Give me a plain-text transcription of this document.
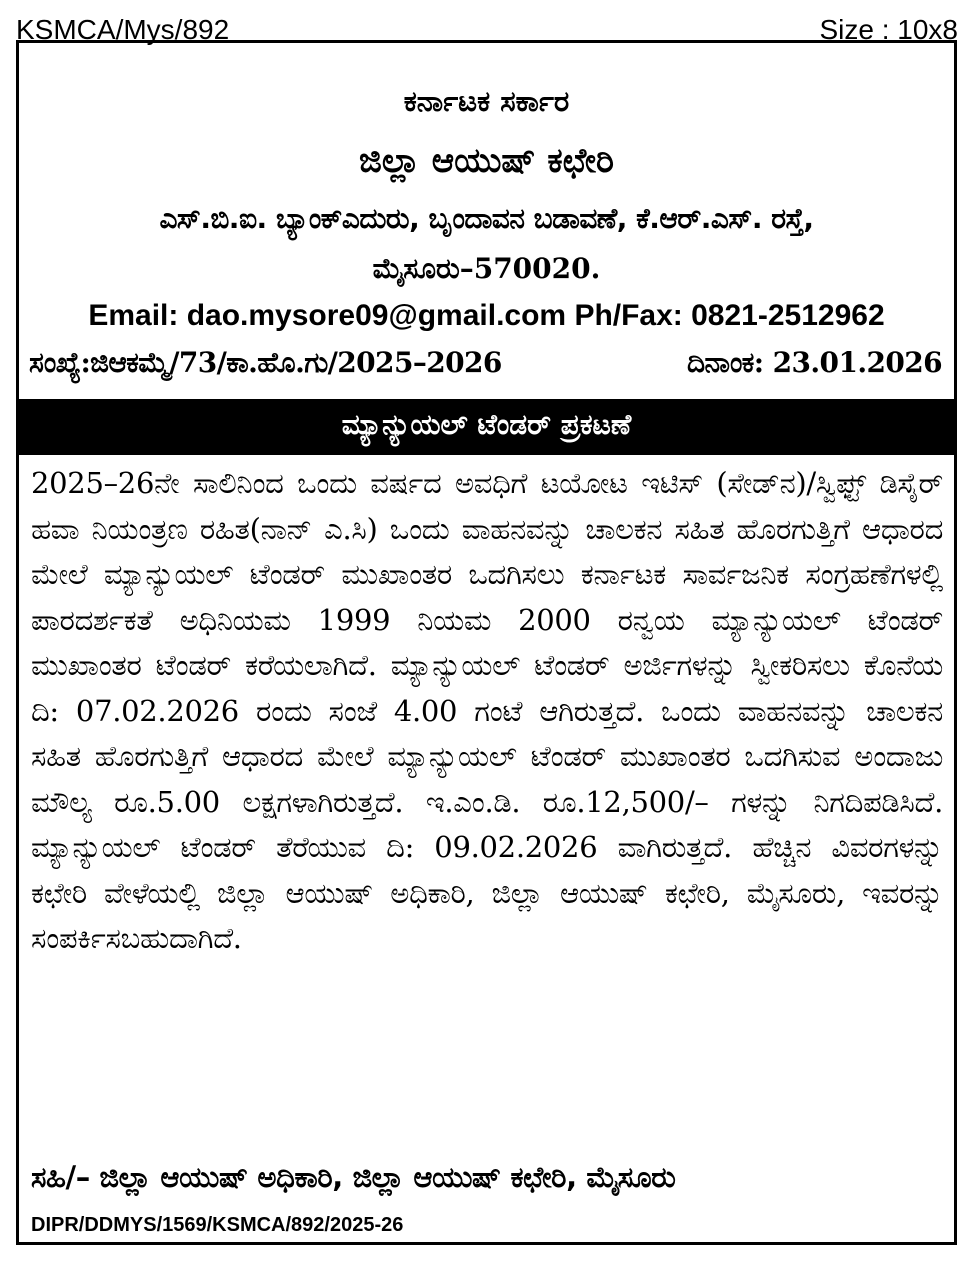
KSMCA/Mys/892	Size : 10x8
ಕರ್ನಾಟಕ ಸರ್ಕಾರ
ಜಿಲ್ಲಾ ಆಯುಷ್ ಕಛೇರಿ
ಎಸ್.ಬಿ.ಐ. ಬ್ಯಾಂಕ್‌ಎದುರು, ಬೃಂದಾವನ ಬಡಾವಣೆ, ಕೆ.ಆರ್.ಎಸ್. ರಸ್ತೆ,
ಮೈಸೂರು–570020.
Email: dao.mysore09@gmail.com Ph/Fax: 0821-2512962
ಸಂಖ್ಯೆ:ಜಿಆಕಮ್ಮೆ/73/ಕಾ.ಹೊ.ಗು/2025–2026	ದಿನಾಂಕ: 23.01.2026
ಮ್ಯಾನ್ಯುಯಲ್ ಟೆಂಡರ್ ಪ್ರಕಟಣೆ
2025–26ನೇ ಸಾಲಿನಿಂದ ಒಂದು ವರ್ಷದ ಅವಧಿಗೆ ಟಯೋಟ ಇಟಿಸ್ (ಸೇಡ್‌ನ)/ಸ್ವಿಫ್ಟ್ ಡಿಸೈರ್ ಹವಾ ನಿಯಂತ್ರಣ ರಹಿತ(ನಾನ್ ಎ.ಸಿ) ಒಂದು ವಾಹನವನ್ನು ಚಾಲಕನ ಸಹಿತ ಹೊರಗುತ್ತಿಗೆ ಆಧಾರದ ಮೇಲೆ ಮ್ಯಾನ್ಯುಯಲ್ ಟೆಂಡರ್ ಮುಖಾಂತರ ಒದಗಿಸಲು ಕರ್ನಾಟಕ ಸಾರ್ವಜನಿಕ ಸಂಗ್ರಹಣೆಗಳಲ್ಲಿ ಪಾರದರ್ಶಕತೆ ಅಧಿನಿಯಮ 1999 ನಿಯಮ 2000 ರನ್ವಯ ಮ್ಯಾನ್ಯುಯಲ್ ಟೆಂಡರ್ ಮುಖಾಂತರ ಟೆಂಡರ್ ಕರೆಯಲಾಗಿದೆ. ಮ್ಯಾನ್ಯುಯಲ್ ಟೆಂಡರ್ ಅರ್ಜಿಗಳನ್ನು ಸ್ವೀಕರಿಸಲು ಕೊನೆಯ ದಿ: 07.02.2026 ರಂದು ಸಂಜೆ 4.00 ಗಂಟೆ ಆಗಿರುತ್ತದೆ. ಒಂದು ವಾಹನವನ್ನು ಚಾಲಕನ ಸಹಿತ ಹೊರಗುತ್ತಿಗೆ ಆಧಾರದ ಮೇಲೆ ಮ್ಯಾನ್ಯುಯಲ್ ಟೆಂಡರ್ ಮುಖಾಂತರ ಒದಗಿಸುವ ಅಂದಾಜು ಮೌಲ್ಯ ರೂ.5.00 ಲಕ್ಷಗಳಾಗಿರುತ್ತದೆ. ಇ.ಎಂ.ಡಿ. ರೂ.12,500/– ಗಳನ್ನು ನಿಗದಿಪಡಿಸಿದೆ. ಮ್ಯಾನ್ಯುಯಲ್ ಟೆಂಡರ್ ತೆರೆಯುವ ದಿ: 09.02.2026 ವಾಗಿರುತ್ತದೆ. ಹೆಚ್ಚಿನ ವಿವರಗಳನ್ನು ಕಛೇರಿ ವೇಳೆಯಲ್ಲಿ ಜಿಲ್ಲಾ ಆಯುಷ್ ಅಧಿಕಾರಿ, ಜಿಲ್ಲಾ ಆಯುಷ್ ಕಛೇರಿ, ಮೈಸೂರು, ಇವರನ್ನು ಸಂಪರ್ಕಿಸಬಹುದಾಗಿದೆ.
ಸಹಿ/– ಜಿಲ್ಲಾ ಆಯುಷ್ ಅಧಿಕಾರಿ, ಜಿಲ್ಲಾ ಆಯುಷ್ ಕಛೇರಿ, ಮೈಸೂರು
DIPR/DDMYS/1569/KSMCA/892/2025-26
